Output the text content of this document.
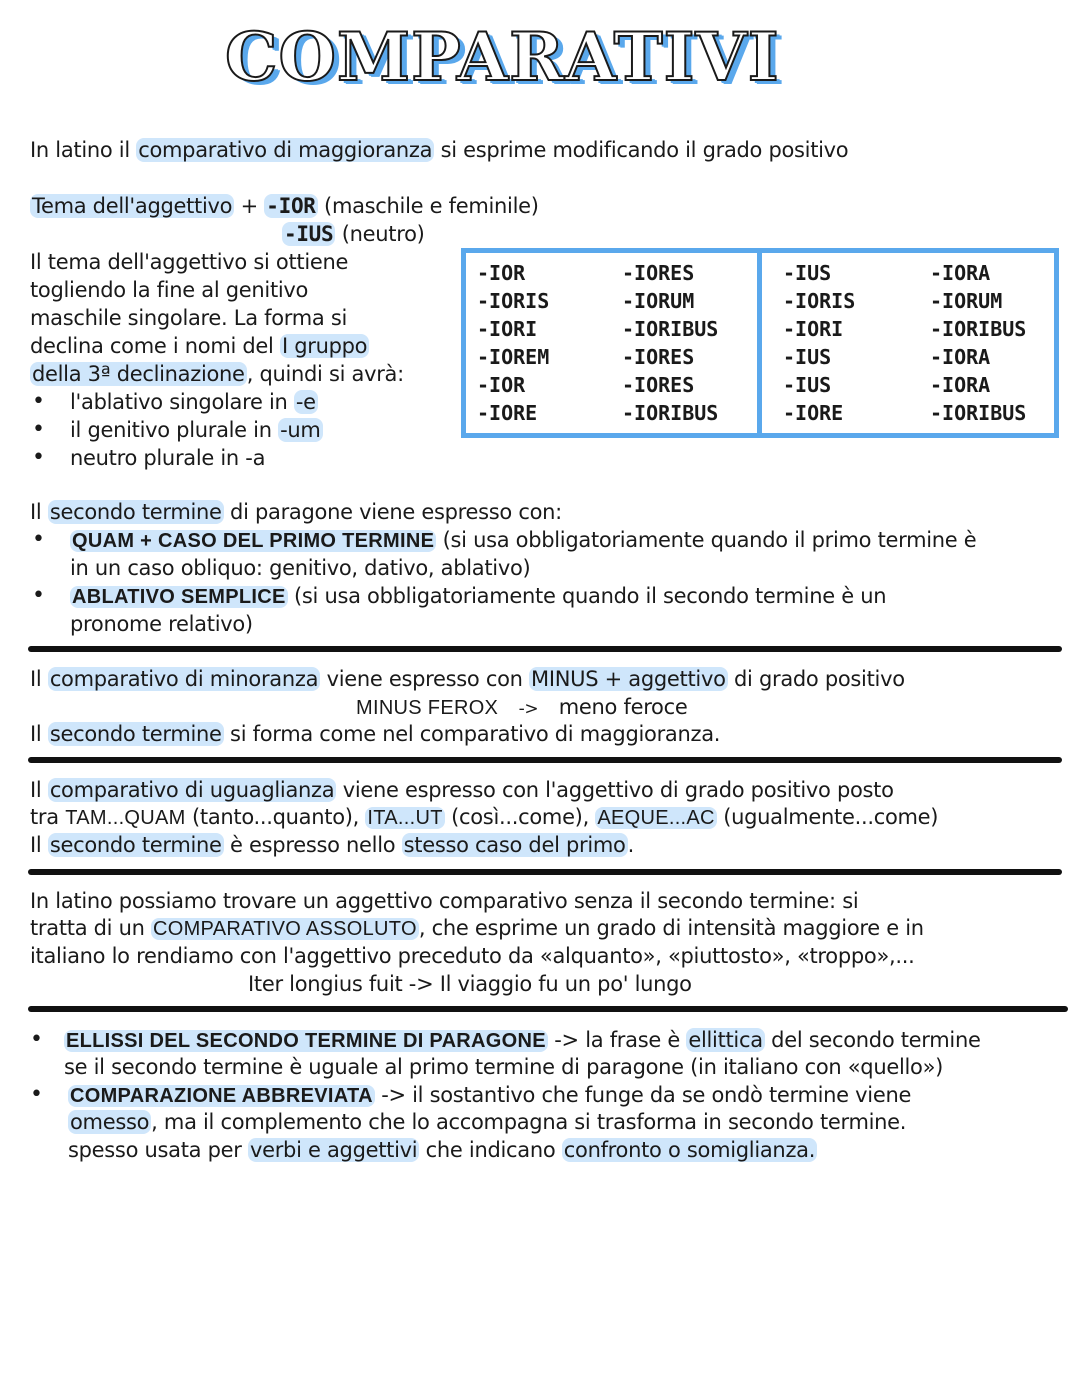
COMPARATIVI
In latino il comparativo di maggioranza si esprime modificando il grado positivo
Tema dell'aggettivo + -IOR (maschile e feminile)
-IUS (neutro)
Il tema dell'aggettivo si ottiene
togliendo la fine al genitivo
maschile singolare. La forma si
declina come i nomi del I gruppo
della 3ª declinazione, quindi si avrà:
• l'ablativo singolare in -e
• il genitivo plurale in -um
• neutro plurale in -a
-IOR
-IORIS
-IORI
-IOREM
-IOR
-IORE
-IORES
-IORUM
-IORIBUS
-IORES
-IORES
-IORIBUS
-IUS
-IORIS
-IORI
-IUS
-IUS
-IORE
-IORA
-IORUM
-IORIBUS
-IORA
-IORA
-IORIBUS
Il secondo termine di paragone viene espresso con:
• QUAM + CASO DEL PRIMO TERMINE (si usa obbligatoriamente quando il primo termine è
in un caso obliquo: genitivo, dativo, ablativo)
• ABLATIVO SEMPLICE (si usa obbligatoriamente quando il secondo termine è un
pronome relativo)
Il comparativo di minoranza viene espresso con MINUS + aggettivo di grado positivo
MINUS FEROX -> meno feroce
Il secondo termine si forma come nel comparativo di maggioranza.
Il comparativo di uguaglianza viene espresso con l'aggettivo di grado positivo posto
tra TAM...QUAM (tanto...quanto), ITA...UT (così...come), AEQUE...AC (ugualmente...come)
Il secondo termine è espresso nello stesso caso del primo.
In latino possiamo trovare un aggettivo comparativo senza il secondo termine: si
tratta di un COMPARATIVO ASSOLUTO, che esprime un grado di intensità maggiore e in
italiano lo rendiamo con l'aggettivo preceduto da «alquanto», «piuttosto», «troppo»,...
Iter longius fuit -> Il viaggio fu un po' lungo
• ELLISSI DEL SECONDO TERMINE DI PARAGONE -> la frase è ellittica del secondo termine
se il secondo termine è uguale al primo termine di paragone (in italiano con «quello»)
• COMPARAZIONE ABBREVIATA -> il sostantivo che funge da se ondò termine viene
omesso, ma il complemento che lo accompagna si trasforma in secondo termine.
spesso usata per verbi e aggettivi che indicano confronto o somiglianza.
